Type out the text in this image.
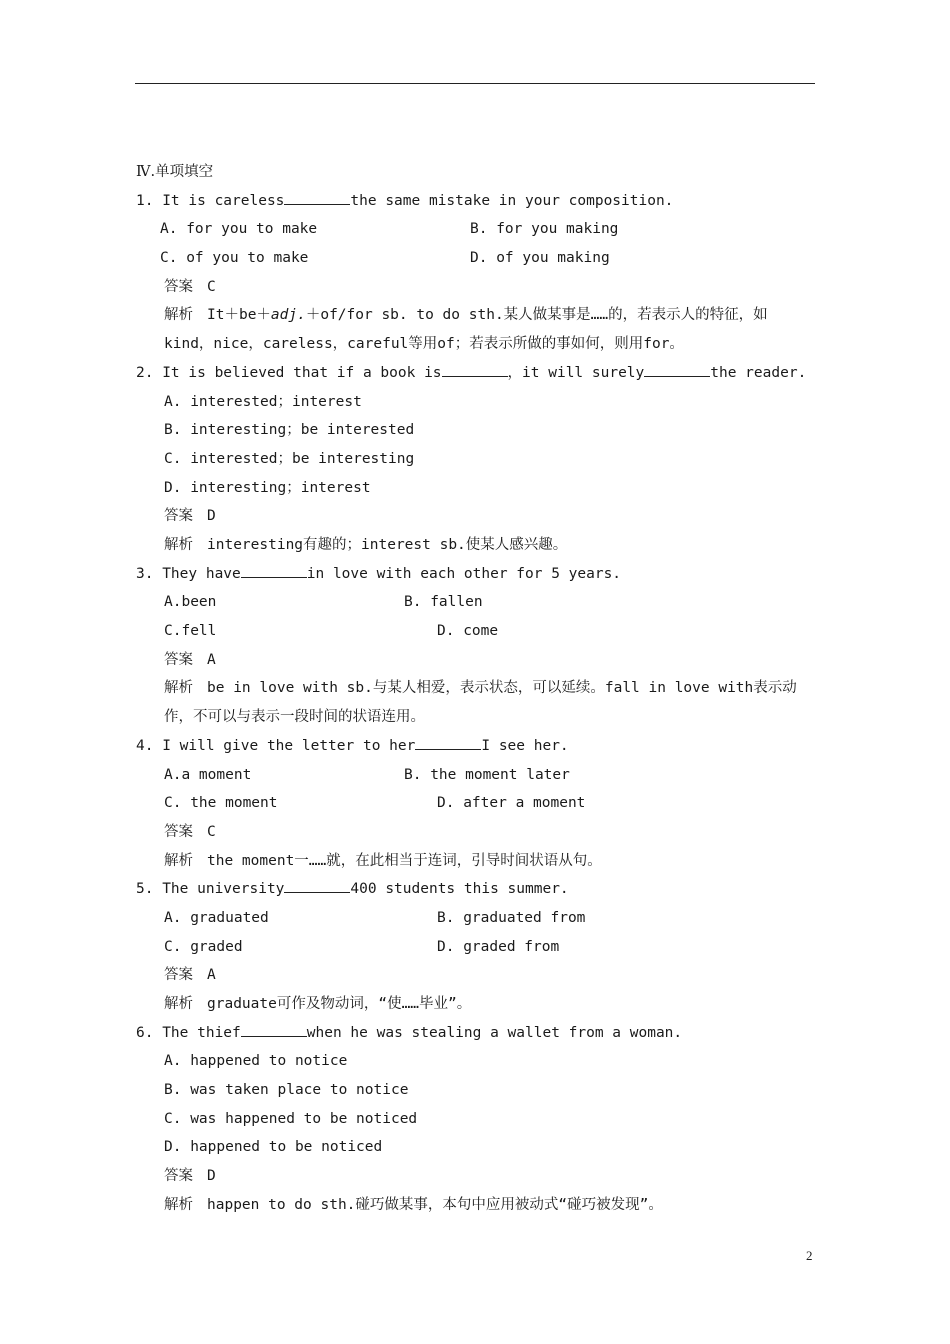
Ⅳ.单项填空
1. It is careless	the same mistake in your composition.
A. for you to make	B. for you making
C. of you to make	D. of you making
答案 C
解析 It＋be＋adj.＋of/for sb. to do sth.某人做某事是……的，若表示人的特征，如kind，nice，careless，careful等用of；若表示所做的事如何，则用for。
2. It is believed that if a book is	，it will surely	the reader.
A. interested；interest
B. interesting；be interested
C. interested；be interesting
D. interesting；interest
答案 D
解析 interesting有趣的；interest sb.使某人感兴趣。
3. They have	in love with each other for 5 years.
A.been	B. fallen
C.fell	D. come
答案 A
解析 be in love with sb.与某人相爱，表示状态，可以延续。fall in love with表示动作，不可以与表示一段时间的状语连用。
4. I will give the letter to her	I see her.
A.a moment	B. the moment later
C. the moment	D. after a moment
答案 C
解析 the moment一……就，在此相当于连词，引导时间状语从句。
5. The university	400 students this summer.
A. graduated	B. graduated from
C. graded	D. graded from
答案 A
解析 graduate可作及物动词，“使……毕业”。
6. The thief	when he was stealing a wallet from a woman.
A. happened to notice
B. was taken place to notice
C. was happened to be noticed
D. happened to be noticed
答案 D
解析 happen to do sth.碰巧做某事，本句中应用被动式“碰巧被发现”。
2
